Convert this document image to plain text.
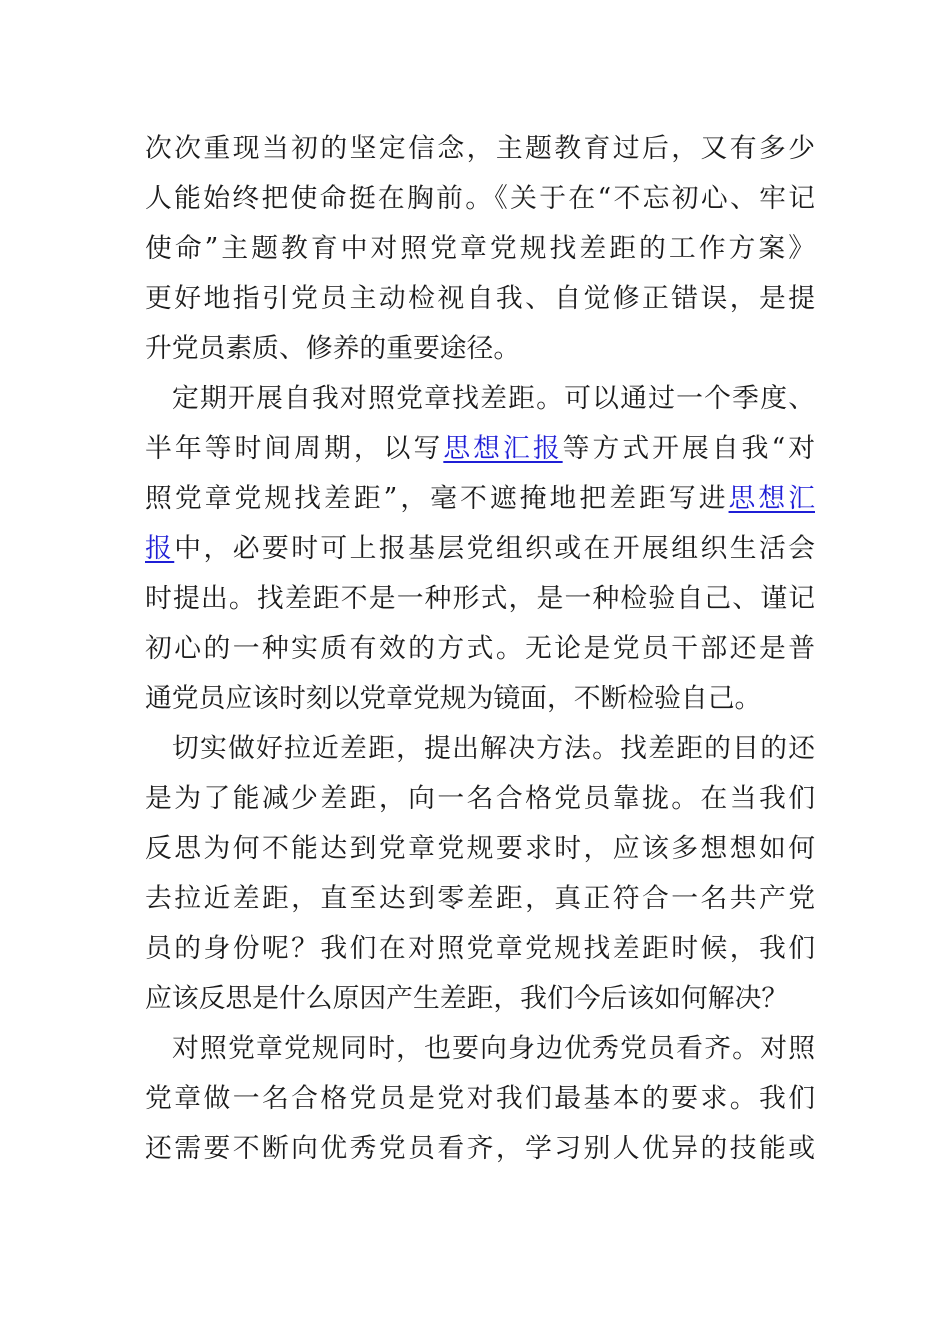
次次重现当初的坚定信念，主题教育过后，又有多少
人能始终把使命挺在胸前。《关于在“不忘初心、牢记
使命”主题教育中对照党章党规找差距的工作方案》
更好地指引党员主动检视自我、自觉修正错误，是提
升党员素质、修养的重要途径。
定期开展自我对照党章找差距。可以通过一个季度、
半年等时间周期，以写思想汇报等方式开展自我“对
照党章党规找差距”，毫不遮掩地把差距写进思想汇
报中，必要时可上报基层党组织或在开展组织生活会
时提出。找差距不是一种形式，是一种检验自己、谨记
初心的一种实质有效的方式。无论是党员干部还是普
通党员应该时刻以党章党规为镜面，不断检验自己。
切实做好拉近差距，提出解决方法。找差距的目的还
是为了能减少差距，向一名合格党员靠拢。在当我们
反思为何不能达到党章党规要求时，应该多想想如何
去拉近差距，直至达到零差距，真正符合一名共产党
员的身份呢？我们在对照党章党规找差距时候，我们
应该反思是什么原因产生差距，我们今后该如何解决？
对照党章党规同时，也要向身边优秀党员看齐。对照
党章做一名合格党员是党对我们最基本的要求。我们
还需要不断向优秀党员看齐，学习别人优异的技能或
